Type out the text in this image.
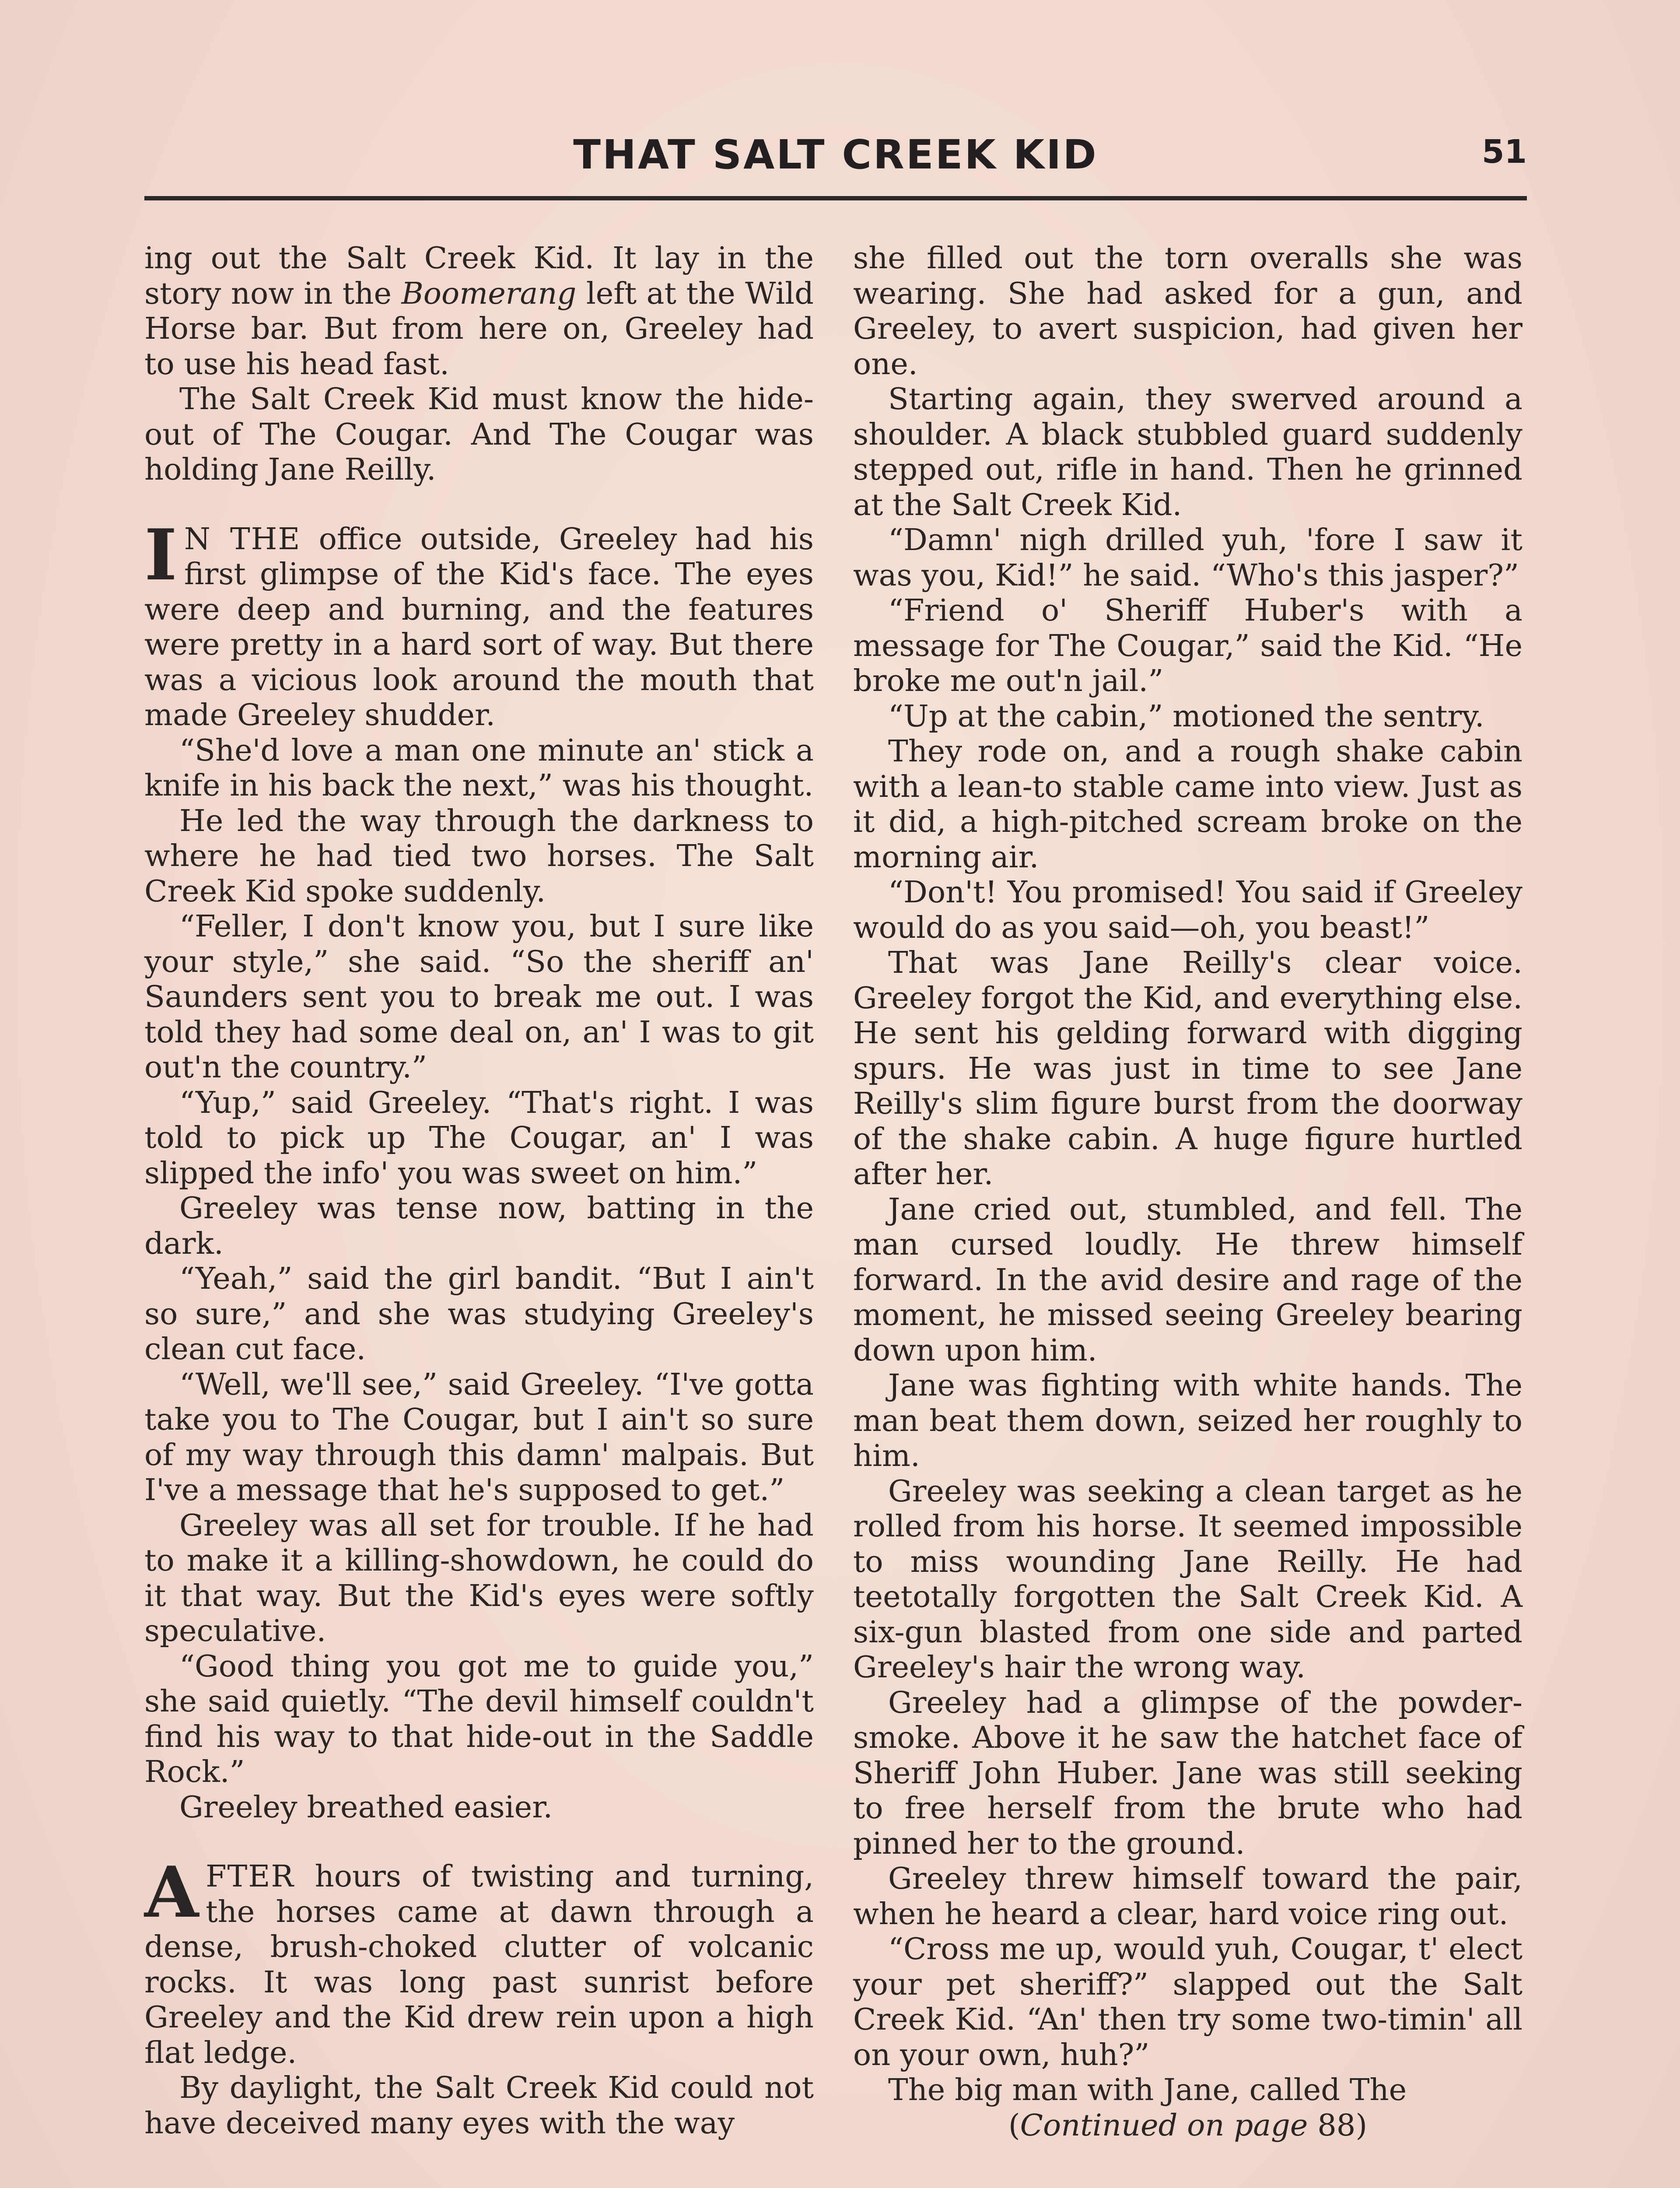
THAT SALT CREEK KID	51

ing out the Salt Creek Kid. It lay in the story now in the Boomerang left at the Wild Horse bar. But from here on, Greeley had to use his head fast.

The Salt Creek Kid must know the hide-out of The Cougar. And The Cougar was holding Jane Reilly.

I N THE office outside, Greeley had his first glimpse of the Kid's face. The eyes were deep and burning, and the features were pretty in a hard sort of way. But there was a vicious look around the mouth that made Greeley shudder.

“She'd love a man one minute an' stick a knife in his back the next,” was his thought.

He led the way through the darkness to where he had tied two horses. The Salt Creek Kid spoke suddenly.

“Feller, I don't know you, but I sure like your style,” she said. “So the sheriff an' Saunders sent you to break me out. I was told they had some deal on, an' I was to git out'n the country.”

“Yup,” said Greeley. “That's right. I was told to pick up The Cougar, an' I was slipped the info' you was sweet on him.”

Greeley was tense now, batting in the dark.

“Yeah,” said the girl bandit. “But I ain't so sure,” and she was studying Greeley's clean cut face.

“Well, we'll see,” said Greeley. “I've gotta take you to The Cougar, but I ain't so sure of my way through this damn' malpais. But I've a message that he's supposed to get.”

Greeley was all set for trouble. If he had to make it a killing-showdown, he could do it that way. But the Kid's eyes were softly speculative.

“Good thing you got me to guide you,” she said quietly. “The devil himself couldn't find his way to that hide-out in the Saddle Rock.”

Greeley breathed easier.

AFTER hours of twisting and turning, the horses came at dawn through a dense, brush-choked clutter of volcanic rocks. It was long past sunrist before Greeley and the Kid drew rein upon a high flat ledge.

By daylight, the Salt Creek Kid could not have deceived many eyes with the way

she filled out the torn overalls she was wearing. She had asked for a gun, and Greeley, to avert suspicion, had given her one.

Starting again, they swerved around a shoulder. A black stubbled guard suddenly stepped out, rifle in hand. Then he grinned at the Salt Creek Kid.

“Damn' nigh drilled yuh, 'fore I saw it was you, Kid!” he said. “Who's this jasper?”

“Friend o' Sheriff Huber's with a message for The Cougar,” said the Kid. “He broke me out'n jail.”

“Up at the cabin,” motioned the sentry.

They rode on, and a rough shake cabin with a lean-to stable came into view. Just as it did, a high-pitched scream broke on the morning air.

“Don't! You promised! You said if Greeley would do as you said—oh, you beast!”

That was Jane Reilly's clear voice. Greeley forgot the Kid, and everything else. He sent his gelding forward with digging spurs. He was just in time to see Jane Reilly's slim figure burst from the doorway of the shake cabin. A huge figure hurtled after her.

Jane cried out, stumbled, and fell. The man cursed loudly. He threw himself forward. In the avid desire and rage of the moment, he missed seeing Greeley bearing down upon him.

Jane was fighting with white hands. The man beat them down, seized her roughly to him.

Greeley was seeking a clean target as he rolled from his horse. It seemed impossible to miss wounding Jane Reilly. He had teetotally forgotten the Salt Creek Kid. A six-gun blasted from one side and parted Greeley's hair the wrong way.

Greeley had a glimpse of the powder-smoke. Above it he saw the hatchet face of Sheriff John Huber. Jane was still seeking to free herself from the brute who had pinned her to the ground.

Greeley threw himself toward the pair, when he heard a clear, hard voice ring out.

“Cross me up, would yuh, Cougar, t' elect your pet sheriff?” slapped out the Salt Creek Kid. “An' then try some two-timin' all on your own, huh?”

The big man with Jane, called The

(Continued on page 88)
